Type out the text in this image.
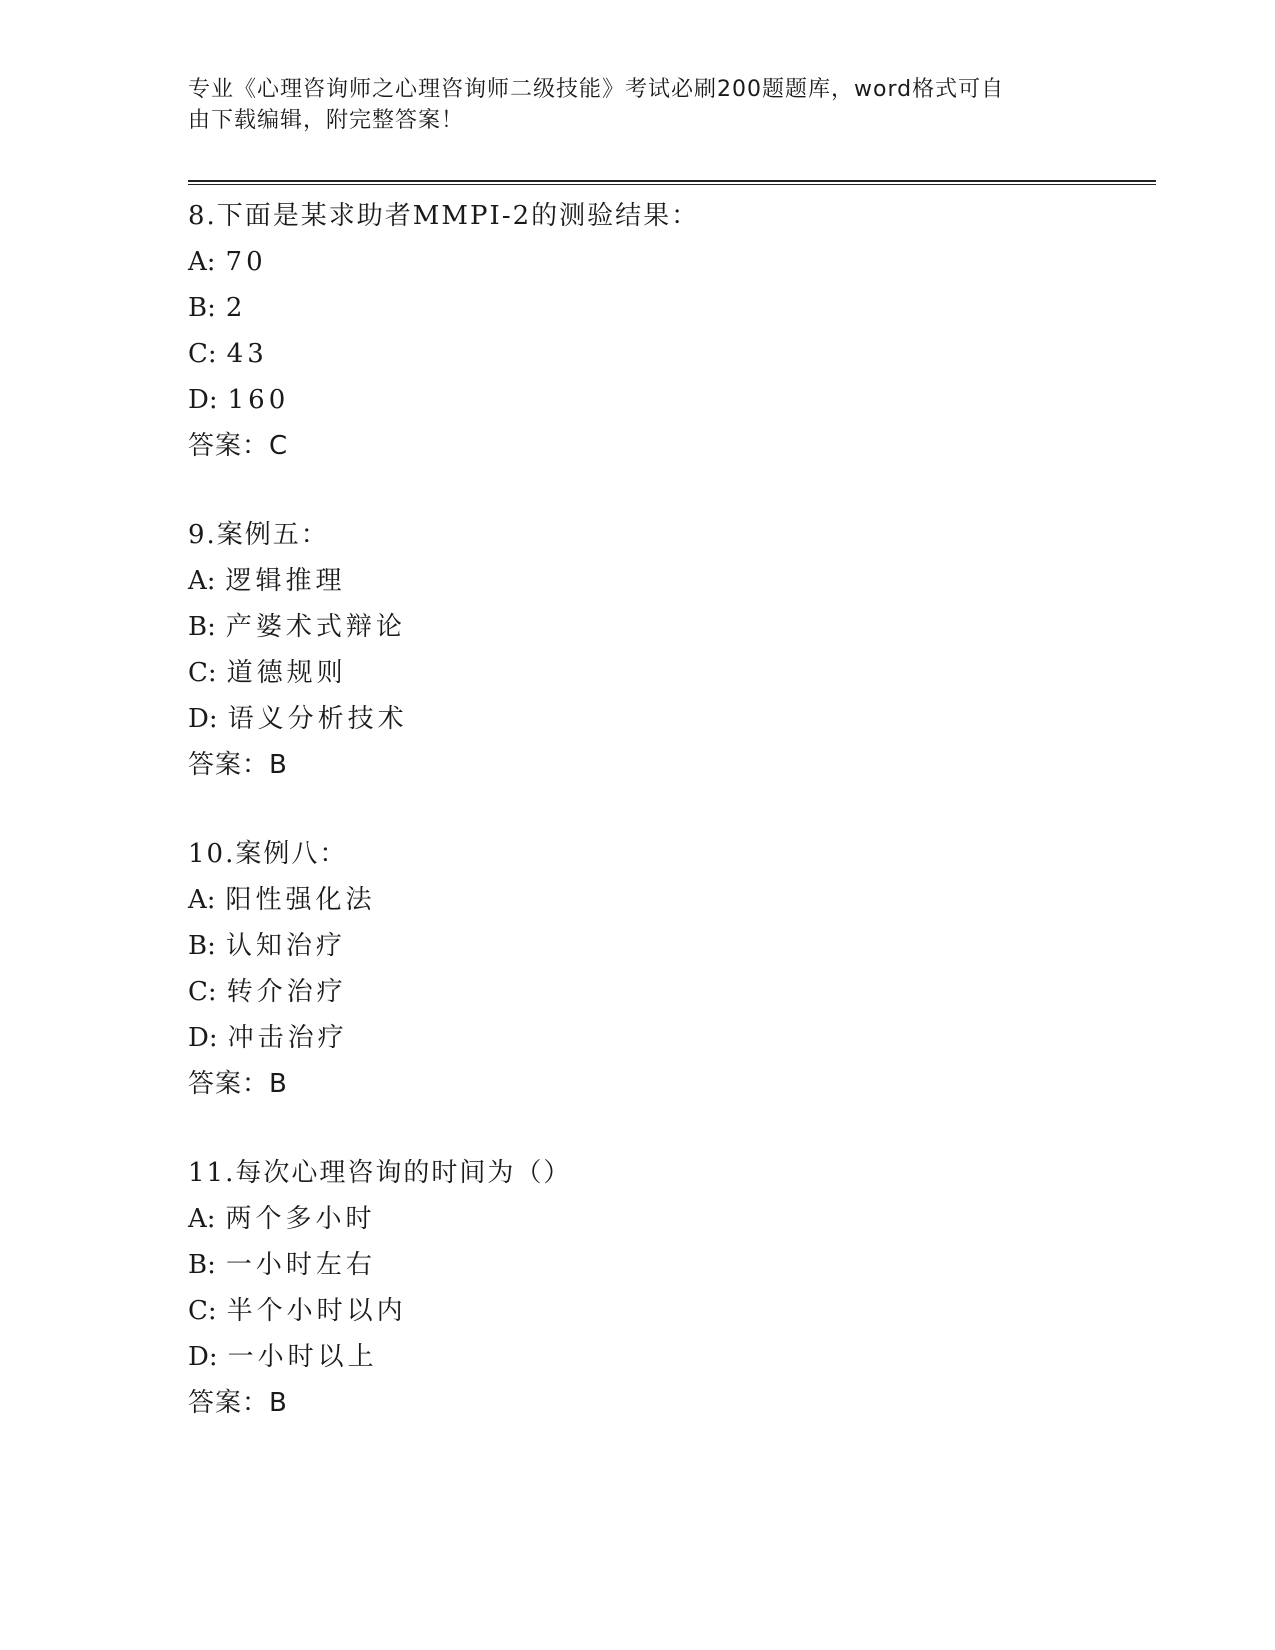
专业《心理咨询师之心理咨询师二级技能》考试必刷200题题库，word格式可自
由下载编辑，附完整答案！
8.下面是某求助者MMPI-2的测验结果：
A: 70
B: 2
C: 43
D: 160
答案：C
9.案例五：
A: 逻辑推理
B: 产婆术式辩论
C: 道德规则
D: 语义分析技术
答案：B
10.案例八：
A: 阳性强化法
B: 认知治疗
C: 转介治疗
D: 冲击治疗
答案：B
11.每次心理咨询的时间为（）
A: 两个多小时
B: 一小时左右
C: 半个小时以内
D: 一小时以上
答案：B
